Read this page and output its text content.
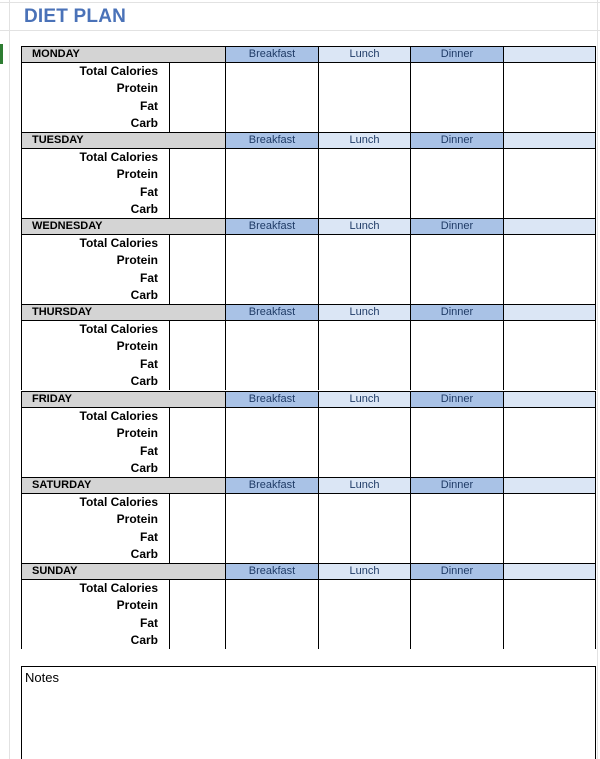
DIET PLAN
MONDAY	Breakfast	Lunch	Dinner
Total Calories
Protein
Fat
Carb
TUESDAY	Breakfast	Lunch	Dinner
Total Calories
Protein
Fat
Carb
WEDNESDAY	Breakfast	Lunch	Dinner
Total Calories
Protein
Fat
Carb
THURSDAY	Breakfast	Lunch	Dinner
Total Calories
Protein
Fat
Carb
FRIDAY	Breakfast	Lunch	Dinner
Total Calories
Protein
Fat
Carb
SATURDAY	Breakfast	Lunch	Dinner
Total Calories
Protein
Fat
Carb
SUNDAY	Breakfast	Lunch	Dinner
Total Calories
Protein
Fat
Carb
Notes
